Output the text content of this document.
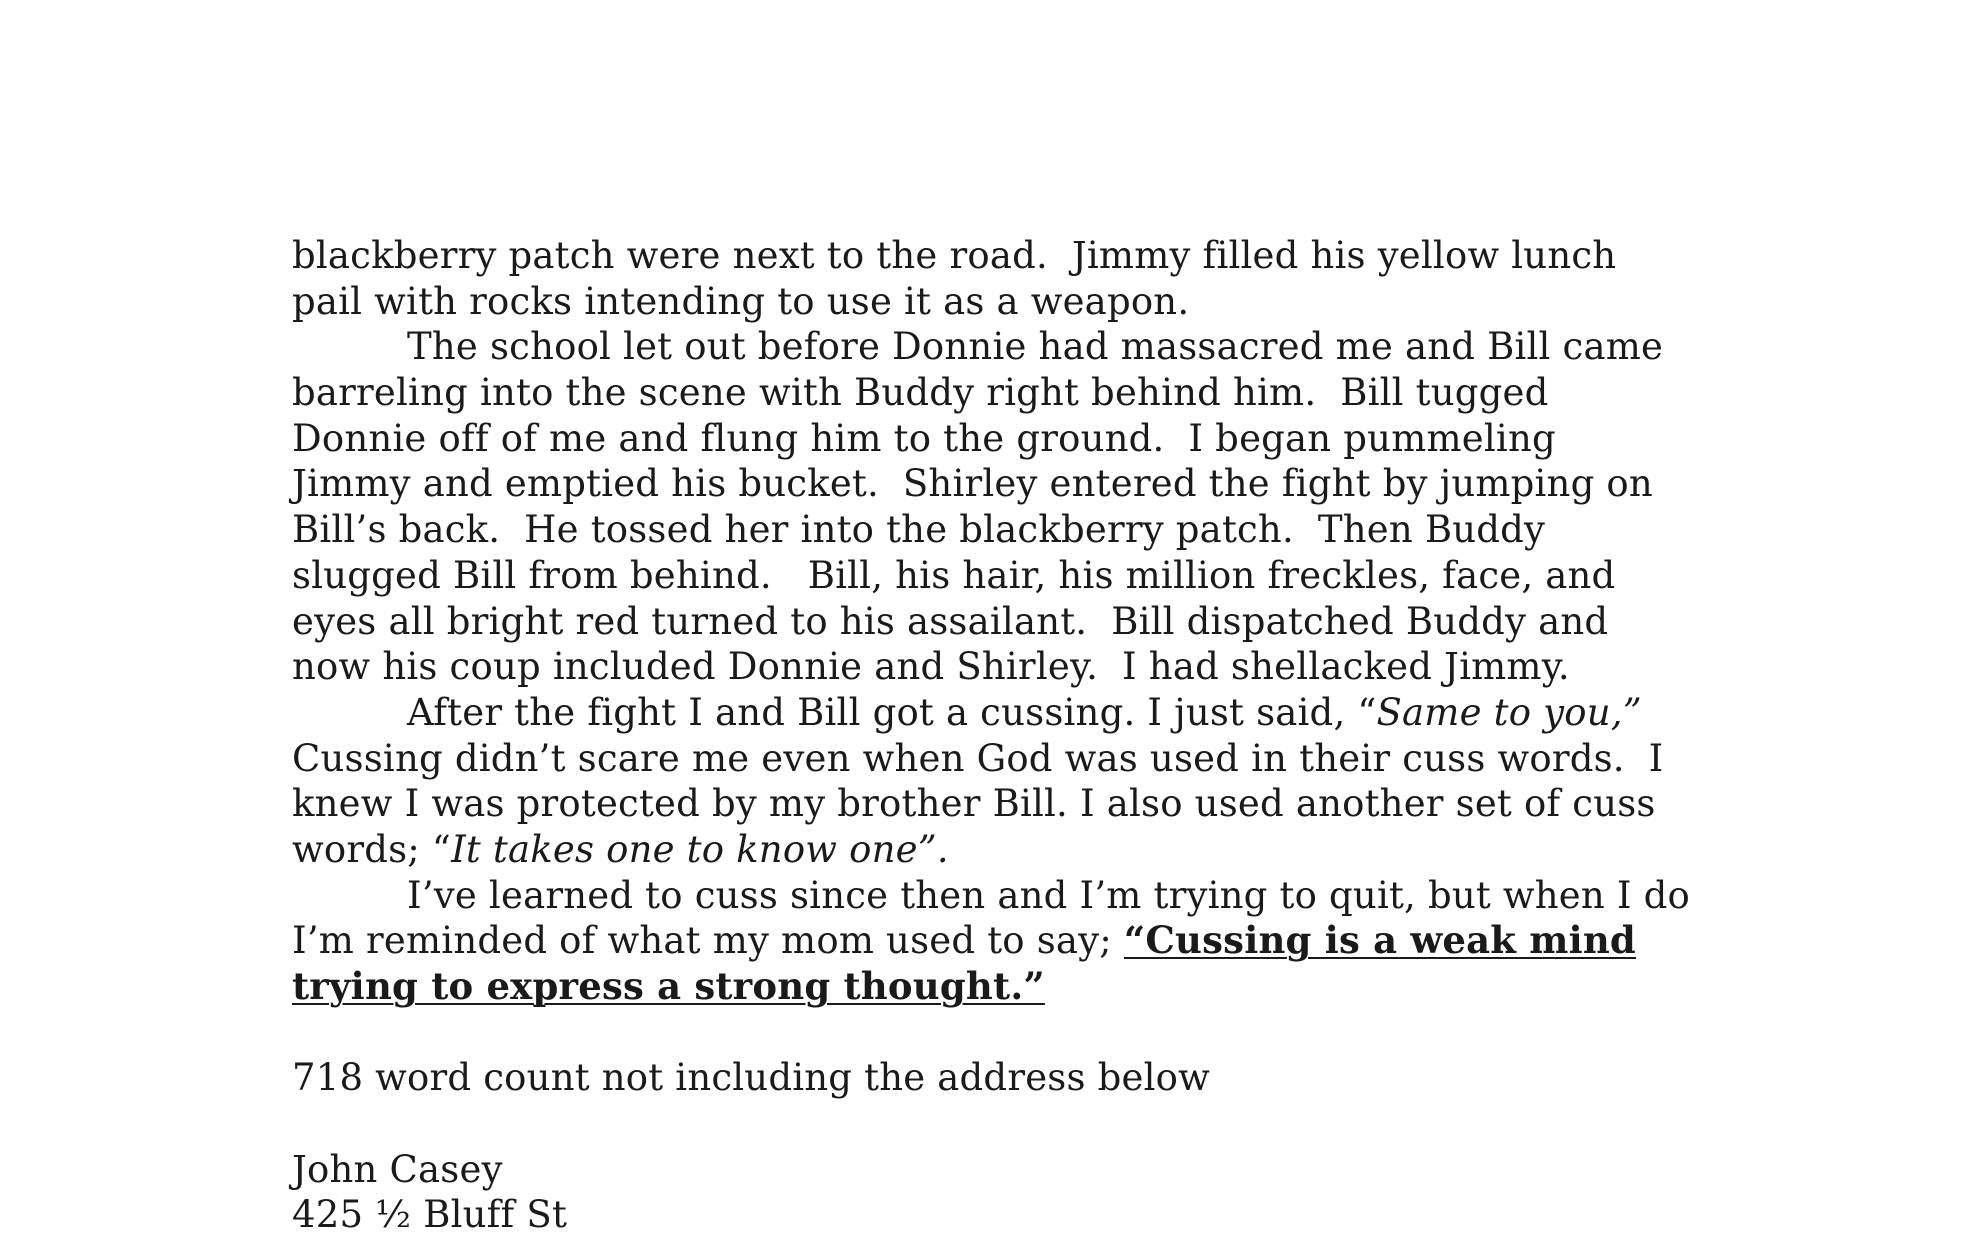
blackberry patch were next to the road.  Jimmy filled his yellow lunch
pail with rocks intending to use it as a weapon.
The school let out before Donnie had massacred me and Bill came
barreling into the scene with Buddy right behind him.  Bill tugged
Donnie off of me and flung him to the ground.  I began pummeling
Jimmy and emptied his bucket.  Shirley entered the fight by jumping on
Bill’s back.  He tossed her into the blackberry patch.  Then Buddy
slugged Bill from behind.   Bill, his hair, his million freckles, face, and
eyes all bright red turned to his assailant.  Bill dispatched Buddy and
now his coup included Donnie and Shirley.  I had shellacked Jimmy.
After the fight I and Bill got a cussing. I just said, “Same to you,”
Cussing didn’t scare me even when God was used in their cuss words.  I
knew I was protected by my brother Bill. I also used another set of cuss
words; “It takes one to know one”.
I’ve learned to cuss since then and I’m trying to quit, but when I do
I’m reminded of what my mom used to say; “Cussing is a weak mind
trying to express a strong thought.”
718 word count not including the address below
John Casey
425 ½ Bluff St
